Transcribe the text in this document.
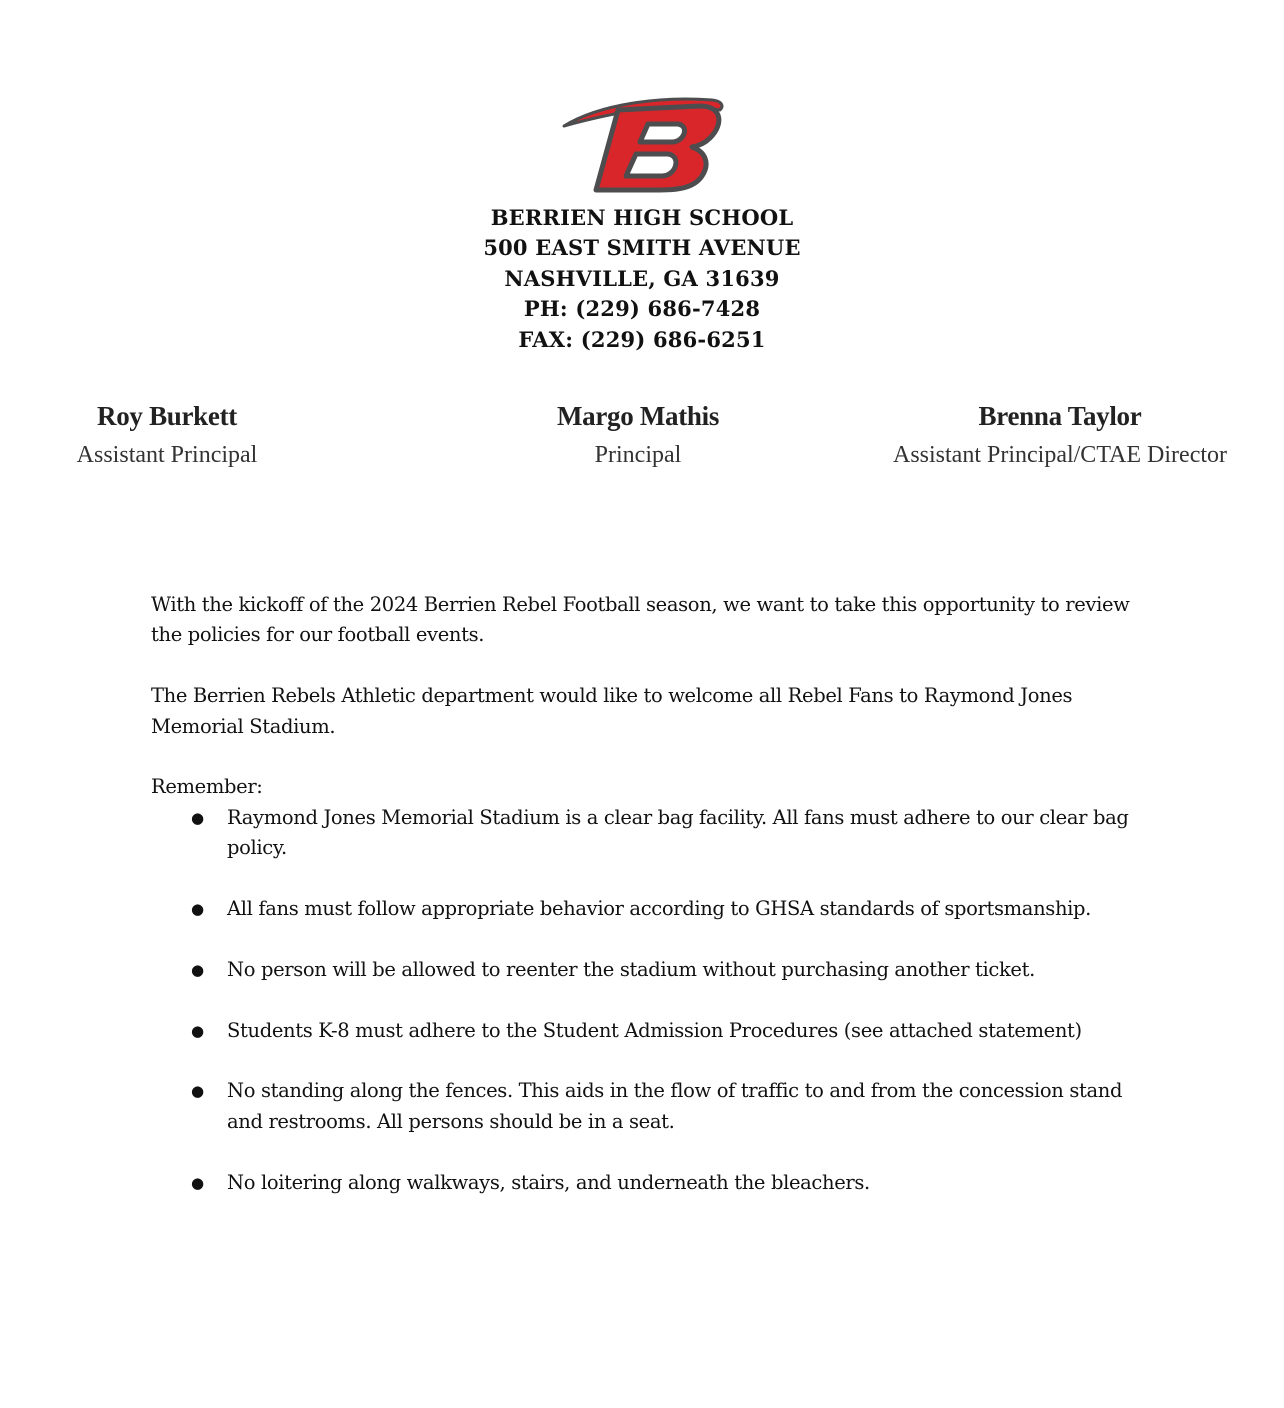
BERRIEN HIGH SCHOOL
500 EAST SMITH AVENUE
NASHVILLE, GA 31639
PH: (229) 686-7428
FAX: (229) 686-6251
Roy Burkett
Assistant Principal
Margo Mathis
Principal
Brenna Taylor
Assistant Principal/CTAE Director

With the kickoff of the 2024 Berrien Rebel Football season, we want to take this opportunity to review the policies for our football events.

The Berrien Rebels Athletic department would like to welcome all Rebel Fans to Raymond Jones Memorial Stadium.

Remember:

● Raymond Jones Memorial Stadium is a clear bag facility. All fans must adhere to our clear bag policy.
● All fans must follow appropriate behavior according to GHSA standards of sportsmanship.
● No person will be allowed to reenter the stadium without purchasing another ticket.
● Students K-8 must adhere to the Student Admission Procedures (see attached statement)
● No standing along the fences. This aids in the flow of traffic to and from the concession stand and restrooms. All persons should be in a seat.
● No loitering along walkways, stairs, and underneath the bleachers.
